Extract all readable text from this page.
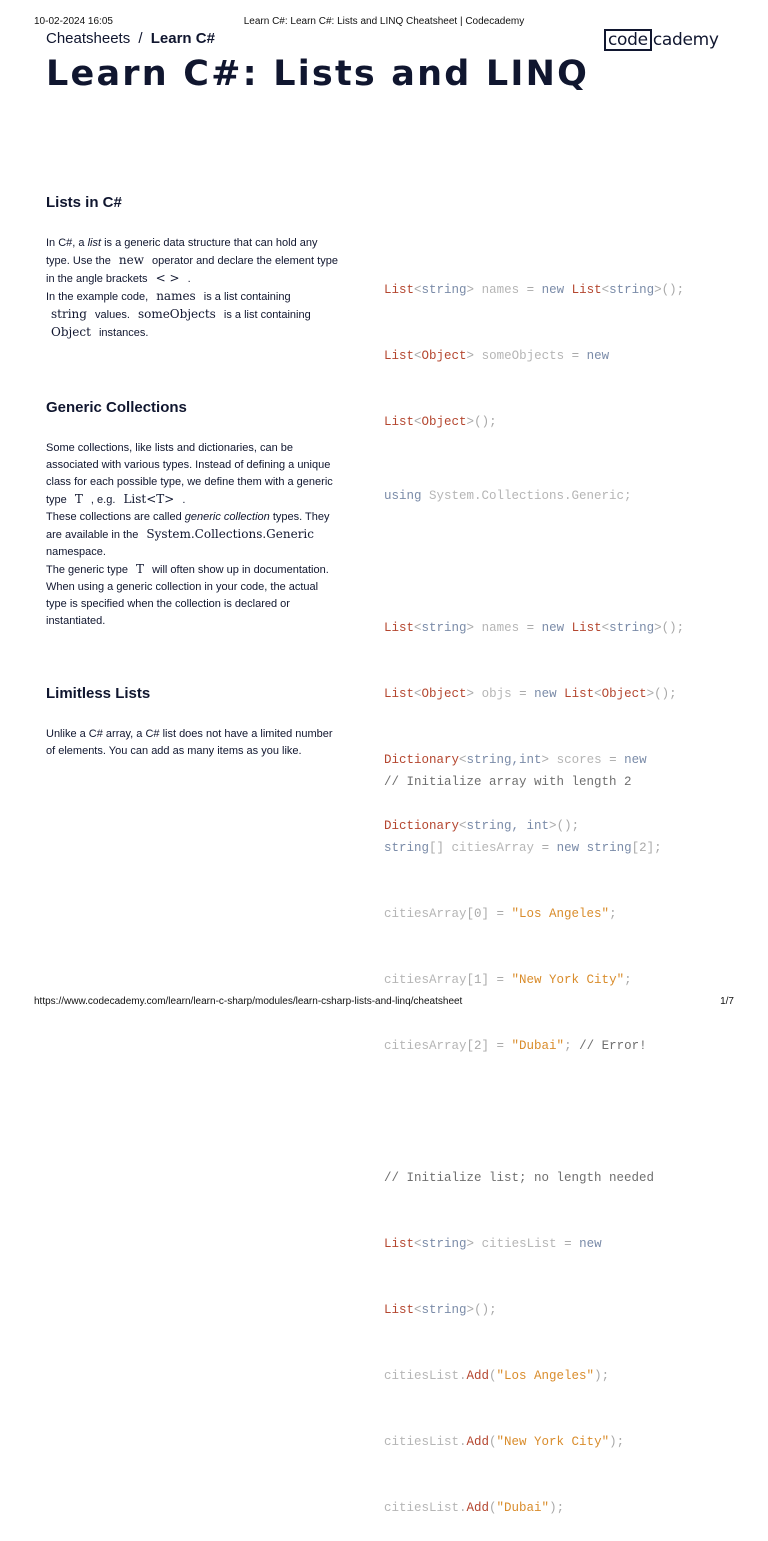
10-02-2024 16:05	Learn C#: Learn C#: Lists and LINQ Cheatsheet | Codecademy
Cheatsheets / Learn C#	code cademy
Learn C#: Lists and LINQ
Lists in C#

In C#, a list is a generic data structure that can hold any type. Use the new operator and declare the element type in the angle brackets < > .

In the example code, names is a list containing string values. someObjects is a list containing Object instances.

List<string> names = new List<string>();

List<Object> someObjects = new

List<Object>();

Generic Collections

Some collections, like lists and dictionaries, can be associated with various types. Instead of defining a unique class for each possible type, we define them with a generic type T , e.g. List<T> .

These collections are called generic collection types. They are available in the System.Collections.Generic namespace.

The generic type T will often show up in documentation. When using a generic collection in your code, the actual type is specified when the collection is declared or instantiated.

using System.Collections.Generic;

List<string> names = new List<string>();

List<Object> objs = new List<Object>();

Dictionary<string,int> scores = new

Dictionary<string, int>();

Limitless Lists

Unlike a C# array, a C# list does not have a limited number of elements. You can add as many items as you like.

// Initialize array with length 2

string[] citiesArray = new string[2];

citiesArray[0] = "Los Angeles";

citiesArray[1] = "New York City";

citiesArray[2] = "Dubai"; // Error!

// Initialize list; no length needed

List<string> citiesList = new

List<string>();

citiesList.Add("Los Angeles");

citiesList.Add("New York City");

citiesList.Add("Dubai");

https://www.codecademy.com/learn/learn-c-sharp/modules/learn-csharp-lists-and-linq/cheatsheet	1/7
